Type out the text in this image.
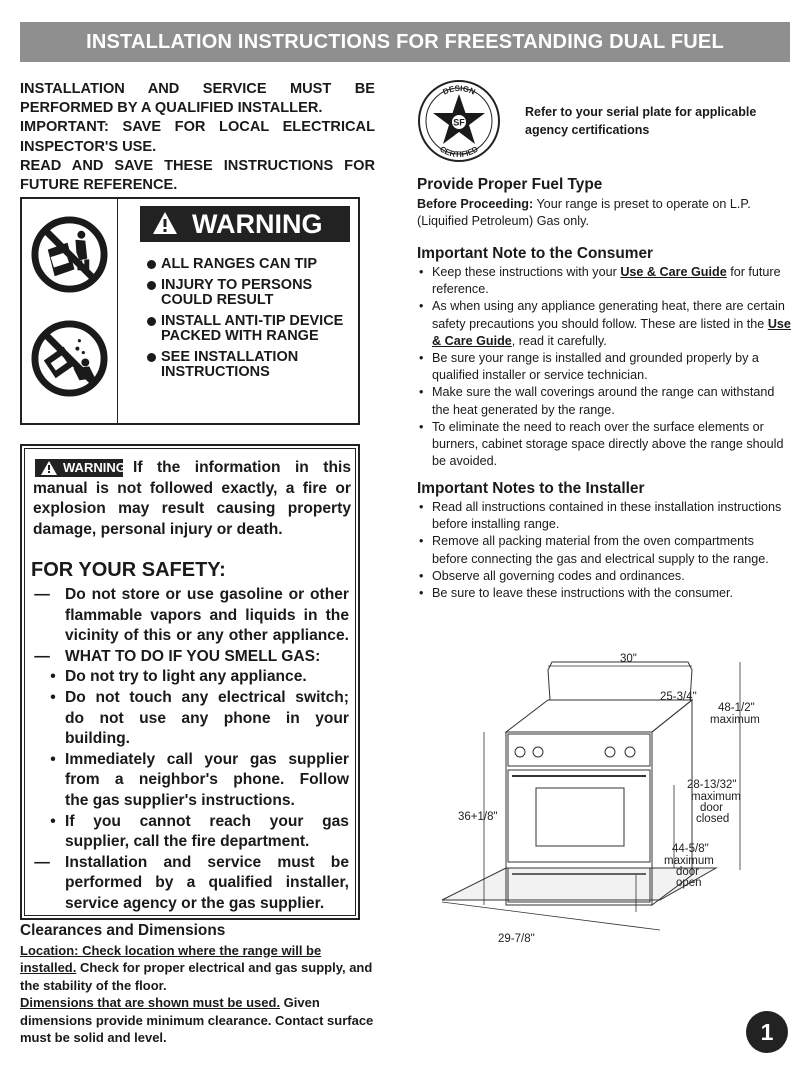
INSTALLATION INSTRUCTIONS FOR FREESTANDING DUAL FUEL
INSTALLATION AND SERVICE MUST BE
PERFORMED BY A QUALIFIED INSTALLER.
IMPORTANT: SAVE FOR LOCAL ELECTRICAL
INSPECTOR'S USE.
READ AND SAVE THESE INSTRUCTIONS FOR
FUTURE REFERENCE.
WARNING
ALL RANGES CAN TIP
INJURY TO PERSONS COULD RESULT
INSTALL ANTI-TIP DEVICE PACKED WITH RANGE
SEE INSTALLATION INSTRUCTIONS
WARNING If the information in this
manual is not followed exactly, a fire or
explosion may result causing property
damage, personal injury or death.
FOR YOUR SAFETY:
— Do not store or use gasoline or other
flammable vapors and liquids in the
vicinity of this or any other appliance.
— WHAT TO DO IF YOU SMELL GAS:
• Do not try to light any appliance.
• Do not touch any electrical switch;
do not use any phone in your
building.
• Immediately call your gas supplier
from a neighbor's phone. Follow
the gas supplier's instructions.
• If you cannot reach your gas
supplier, call the fire department.
— Installation and service must be
performed by a qualified installer,
service agency or the gas supplier.
Clearances and Dimensions
Location: Check location where the range will be installed. Check for proper electrical and gas supply, and the stability of the floor.
Dimensions that are shown must be used. Given dimensions provide minimum clearance. Contact surface must be solid and level.
DESIGN
CERTIFIED
SF
Refer to your serial plate for applicable agency certifications
Provide Proper Fuel Type
Before Proceeding: Your range is preset to operate on L.P. (Liquified Petroleum) Gas only.
Important Note to the Consumer
• Keep these instructions with your Use & Care Guide for future reference.
• As when using any appliance generating heat, there are certain safety precautions you should follow. These are listed in the Use & Care Guide, read it carefully.
• Be sure your range is installed and grounded properly by a qualified installer or service technician.
• Make sure the wall coverings around the range can withstand the heat generated by the range.
• To eliminate the need to reach over the surface elements or burners, cabinet storage space directly above the range should be avoided.
Important Notes to the Installer
• Read all instructions contained in these installation instructions before installing range.
• Remove all packing material from the oven compartments before connecting the gas and electrical supply to the range.
• Observe all governing codes and ordinances.
• Be sure to leave these instructions with the consumer.
30"
25-3/4"
48-1/2"
maximum
36+1/8"
28-13/32"
maximum
door
closed
44-5/8"
maximum
door
open
29-7/8"
1
